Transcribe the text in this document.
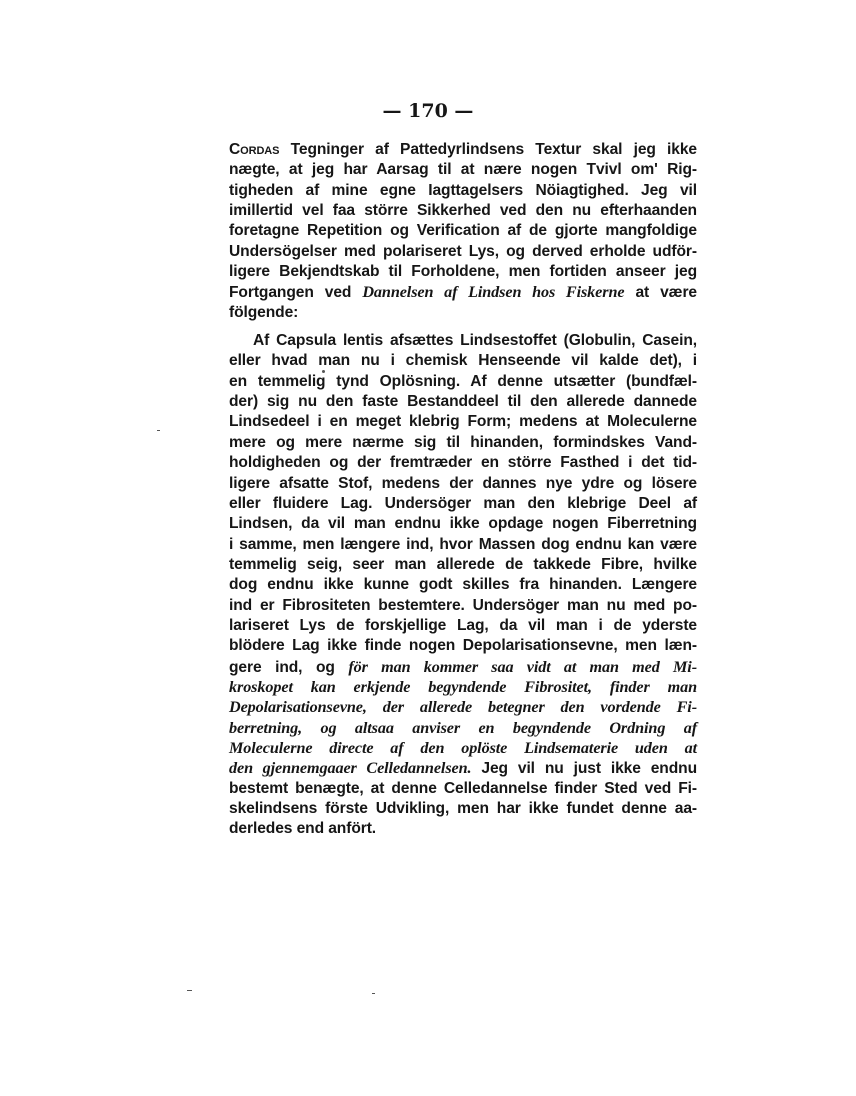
— 170 —
Cordas Tegninger af Pattedyrlindsens Textur skal jeg ikke
nægte, at jeg har Aarsag til at nære nogen Tvivl om' Rig-
tigheden af mine egne Iagttagelsers Nöiagtighed. Jeg vil
imillertid vel faa större Sikkerhed ved den nu efterhaanden
foretagne Repetition og Verification af de gjorte mangfoldige
Undersögelser med polariseret Lys, og derved erholde udför-
ligere Bekjendtskab til Forholdene, men fortiden anseer jeg
Fortgangen ved Dannelsen af Lindsen hos Fiskerne at være
fölgende:
Af Capsula lentis afsættes Lindsestoffet (Globulin, Casein,
eller hvad man nu i chemisk Henseende vil kalde det), i
en temmelig tynd Oplösning. Af denne utsætter (bundfæl-
der) sig nu den faste Bestanddeel til den allerede dannede
Lindsedeel i en meget klebrig Form; medens at Moleculerne
mere og mere nærme sig til hinanden, formindskes Vand-
holdigheden og der fremtræder en större Fasthed i det tid-
ligere afsatte Stof, medens der dannes nye ydre og lösere
eller fluidere Lag. Undersöger man den klebrige Deel af
Lindsen, da vil man endnu ikke opdage nogen Fiberretning
i samme, men længere ind, hvor Massen dog endnu kan være
temmelig seig, seer man allerede de takkede Fibre, hvilke
dog endnu ikke kunne godt skilles fra hinanden. Længere
ind er Fibrositeten bestemtere. Undersöger man nu med po-
lariseret Lys de forskjellige Lag, da vil man i de yderste
blödere Lag ikke finde nogen Depolarisationsevne, men læn-
gere ind, og för man kommer saa vidt at man med Mi-
kroskopet kan erkjende begyndende Fibrositet, finder man
Depolarisationsevne, der allerede betegner den vordende Fi-
berretning, og altsaa anviser en begyndende Ordning af
Moleculerne directe af den oplöste Lindsematerie uden at
den gjennemgaaer Celledannelsen. Jeg vil nu just ikke endnu
bestemt benægte, at denne Celledannelse finder Sted ved Fi-
skelindsens förste Udvikling, men har ikke fundet denne aa-
derledes end anfört.
